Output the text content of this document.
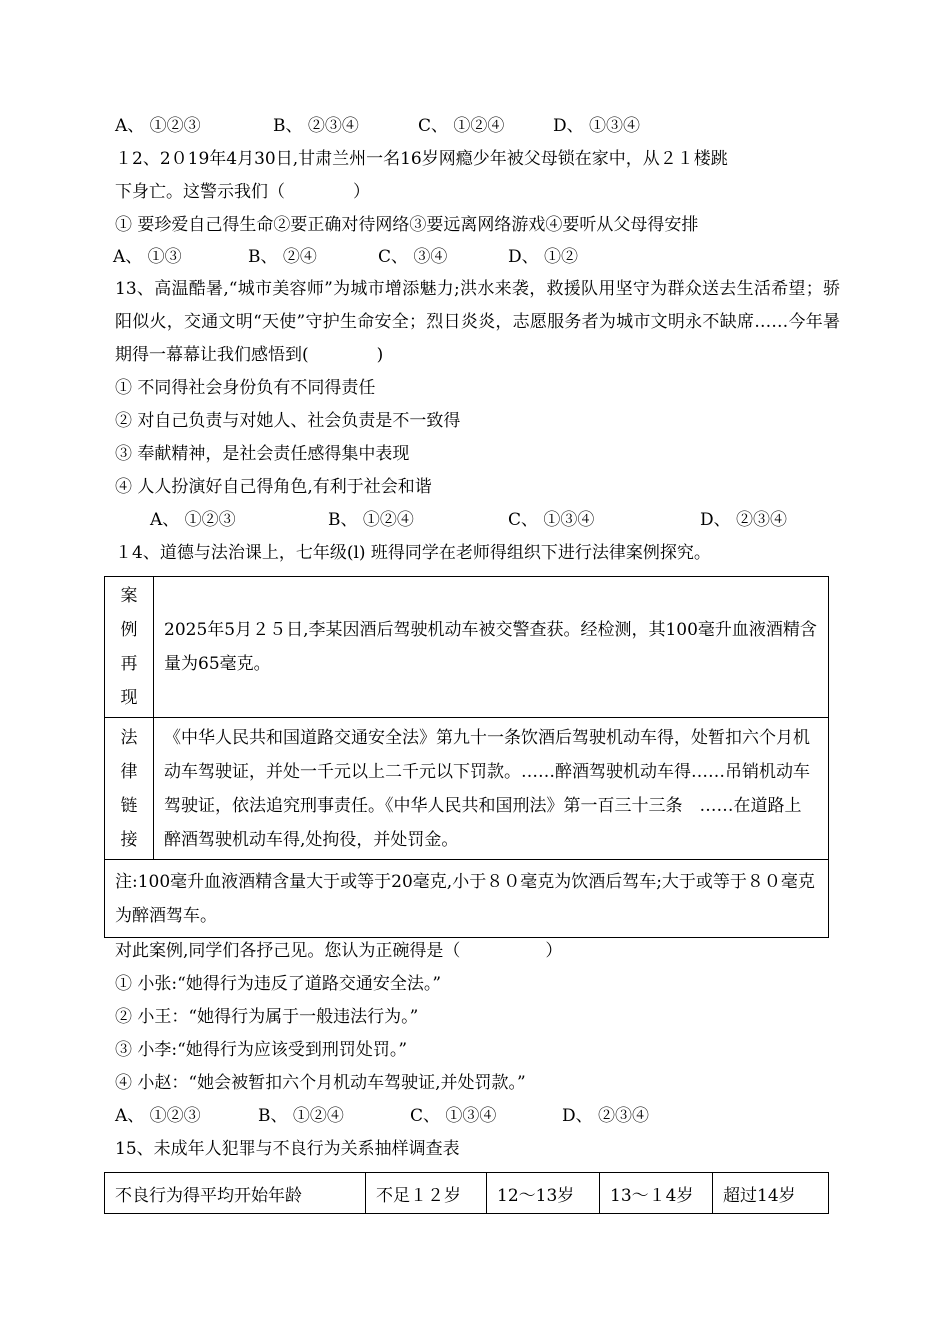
A、 ①②③	B、 ②③④	C、 ①②④	D、 ①③④
１2、2０19年4月30日,甘肃兰州一名16岁网瘾少年被父母锁在家中，从２１楼跳
下身亡。这警示我们（　　　　）
① 要珍爱自己得生命②要正确对待网络③要远离网络游戏④要听从父母得安排
A、 ①③	B、 ②④	C、 ③④	D、 ①②
13、高温酷暑,“城市美容师”为城市增添魅力;洪水来袭，救援队用坚守为群众送去生活希望；骄阳似火，交通文明“天使”守护生命安全；烈日炎炎，志愿服务者为城市文明永不缺席……今年暑期得一幕幕让我们感悟到(　　　　)
① 不同得社会身份负有不同得责任
② 对自己负责与对她人、社会负责是不一致得
③ 奉献精神，是社会责任感得集中表现
④ 人人扮演好自己得角色,有利于社会和谐
A、 ①②③	B、 ①②④	C、 ①③④	D、 ②③④
１4、道德与法治课上，七年级(l) 班得同学在老师得组织下进行法律案例探究。
案
例
再
现	2025年5月２５日,李某因酒后驾驶机动车被交警查获。经检测，其100毫升血液酒精含量为65毫克。

法
律
链
接	《中华人民共和国道路交通安全法》第九十一条饮酒后驾驶机动车得，处暂扣六个月机动车驾驶证，并处一千元以上二千元以下罚款。……醉酒驾驶机动车得……吊销机动车驾驶证，依法追究刑事责任。《中华人民共和国刑法》第一百三十三条　……在道路上醉酒驾驶机动车得,处拘役，并处罚金。
注:100毫升血液酒精含量大于或等于20毫克,小于８０毫克为饮酒后驾车;大于或等于８０毫克为醉酒驾车。	
对此案例,同学们各抒己见。您认为正碗得是（　　　　　）
① 小张:“她得行为违反了道路交通安全法。”
② 小王：“她得行为属于一般违法行为。”
③ 小李:“她得行为应该受到刑罚处罚。”
④ 小赵：“她会被暂扣六个月机动车驾驶证,并处罚款。”
A、 ①②③	B、 ①②④	C、 ①③④	D、 ②③④
15、未成年人犯罪与不良行为关系抽样调查表
不良行为得平均开始年龄	不足１２岁	12～13岁	13～１4岁	超过14岁
